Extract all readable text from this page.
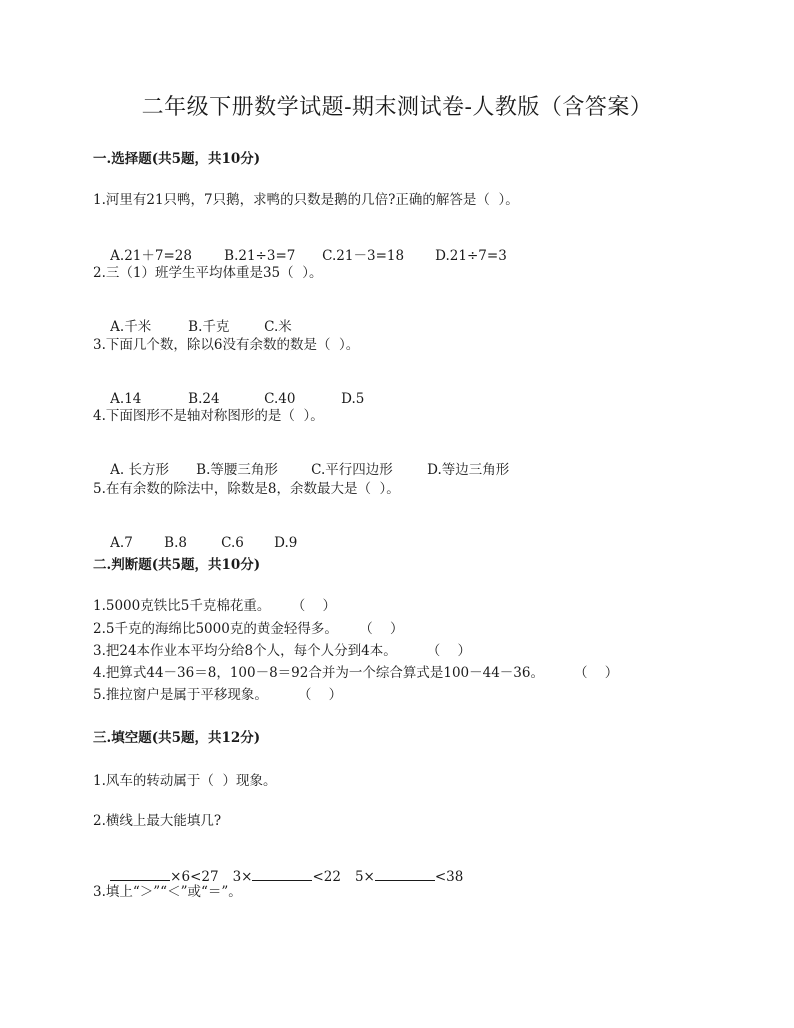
二年级下册数学试题-期末测试卷-人教版（含答案）
一.选择题(共5题，共10分)
1.河里有21只鸭，7只鹅，求鸭的只数是鹅的几倍?正确的解答是（  ）。

A.21＋7=28 B.21÷3=7 C.21－3=18 D.21÷7=3

2.三（1）班学生平均体重是35（  ）。

A.千米	B.千克	C.米

3.下面几个数，除以6没有余数的数是（  ）。

A.14	B.24	C.40	D.5

4.下面图形不是轴对称图形的是（  ）。

A. 长方形 B.等腰三角形 C.平行四边形	D.等边三角形

5.在有余数的除法中，除数是8，余数最大是（  ）。

A.7 B.8	C.6 D.9

二.判断题(共5题，共10分)
1.5000克铁比5千克棉花重。     （    ）
2.5千克的海绵比5000克的黄金轻得多。     （    ）
3.把24本作业本平均分给8个人，每个人分到4本。       （    ）
4.把算式44－36＝8，100－8＝92合并为一个综合算式是100－44－36。       （    ）
5.推拉窗户是属于平移现象。       （    ）
三.填空题(共5题，共12分)
1.风车的转动属于（  ）现象。
2.横线上最大能填几?

×6<27 3×	<22 5×	<38

3.填上“＞”“＜”或“＝”。
